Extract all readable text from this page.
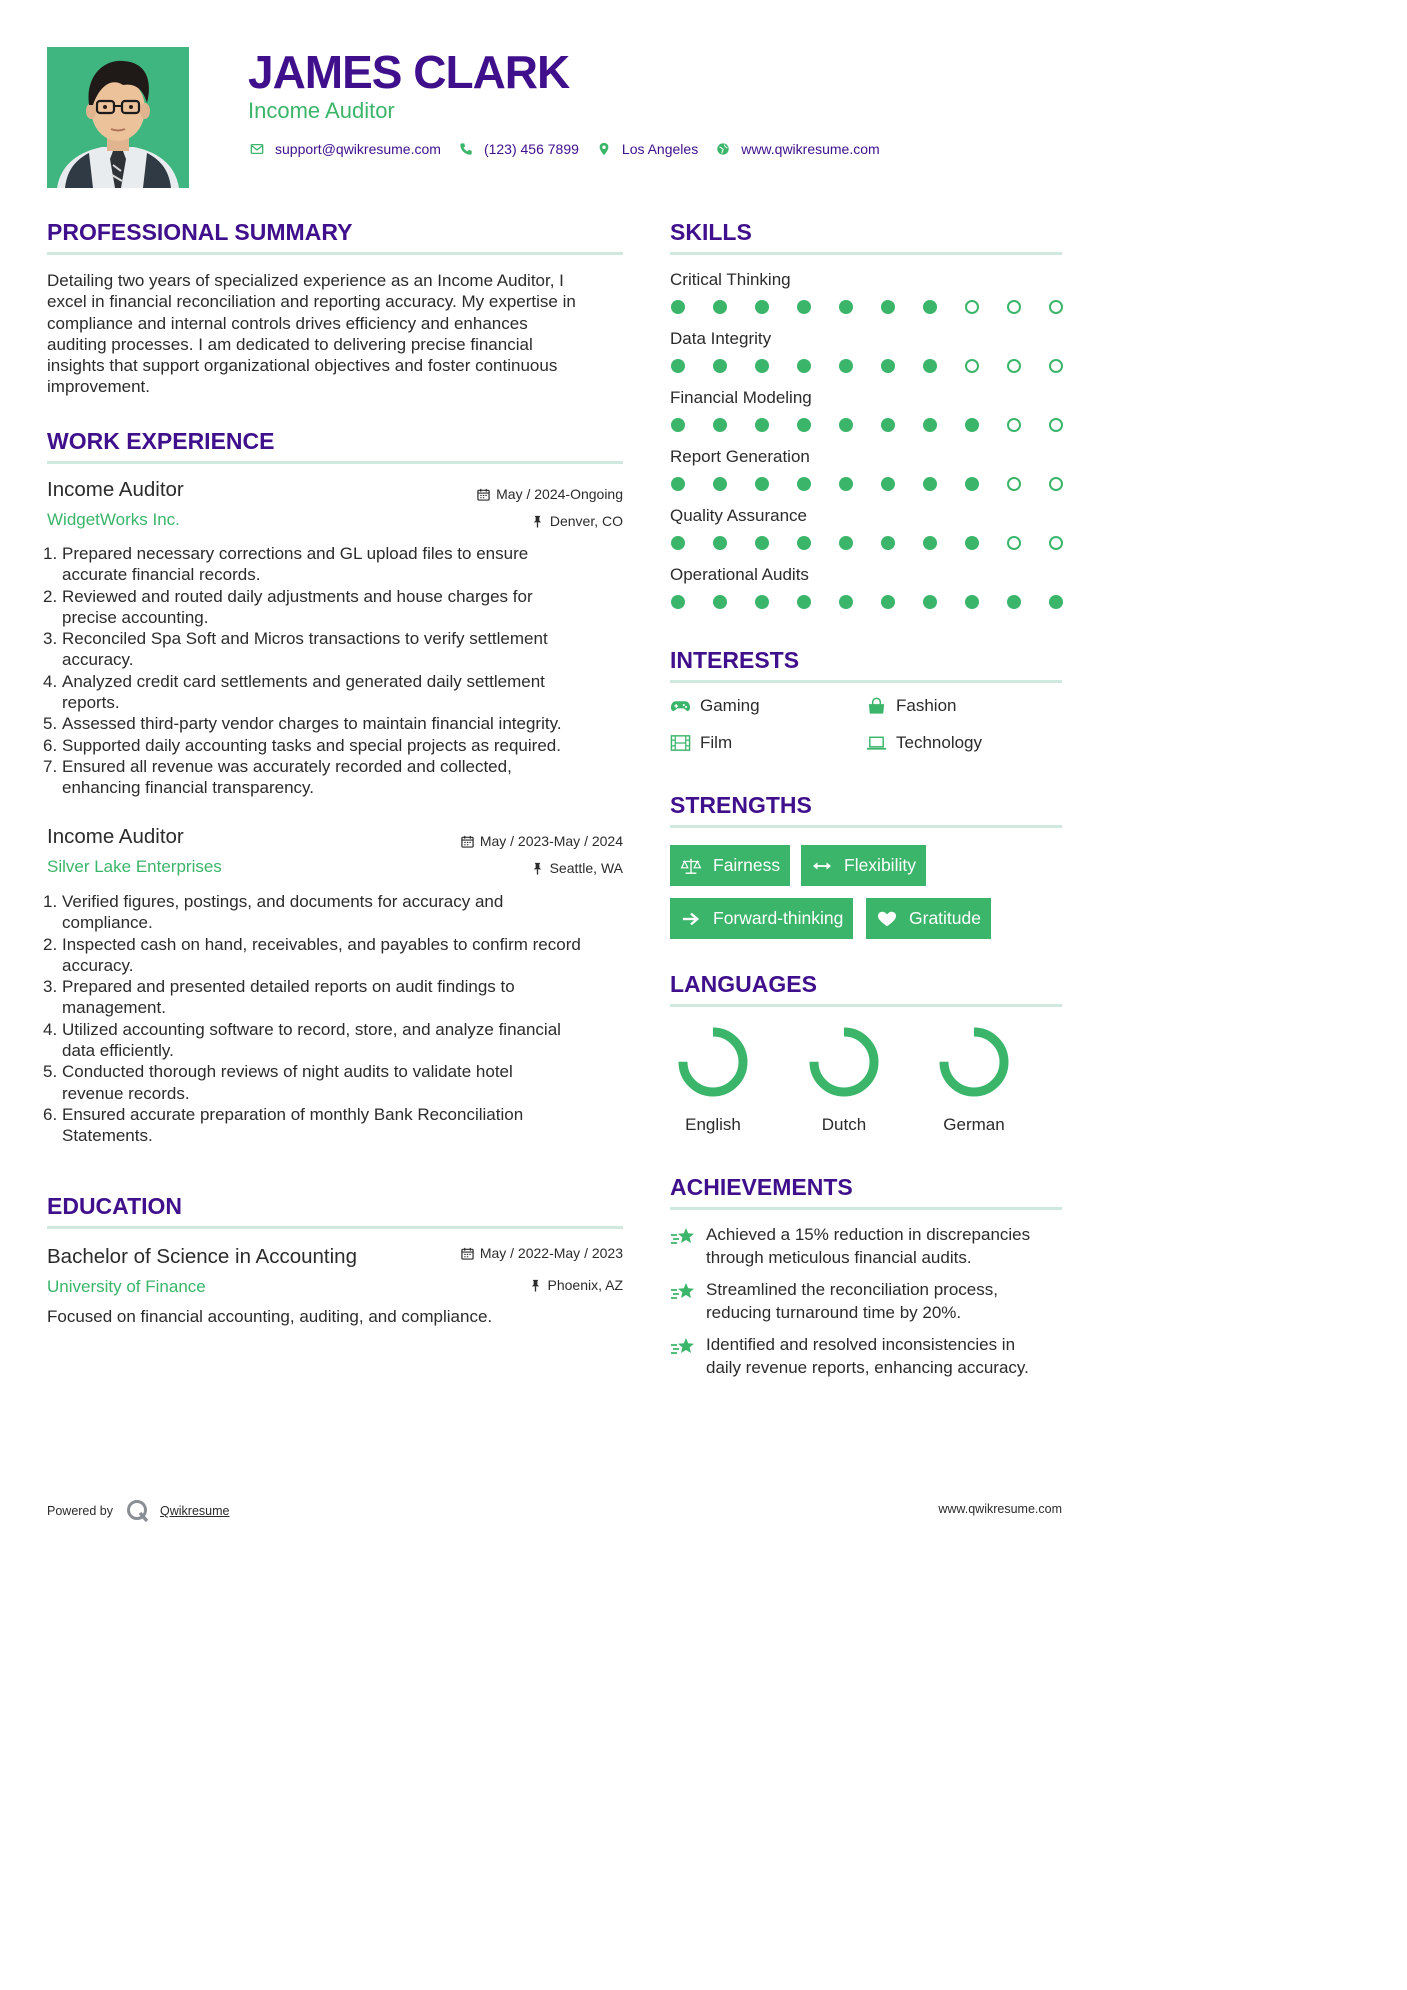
JAMES CLARK
Income Auditor
support@qwikresume.com	(123) 456 7899	Los Angeles	www.qwikresume.com
PROFESSIONAL SUMMARY
Detailing two years of specialized experience as an Income Auditor, I
excel in financial reconciliation and reporting accuracy. My expertise in
compliance and internal controls drives efficiency and enhances
auditing processes. I am dedicated to delivering precise financial
insights that support organizational objectives and foster continuous
improvement.
WORK EXPERIENCE
Income Auditor	May / 2024-Ongoing
WidgetWorks Inc.	Denver, CO
1. Prepared necessary corrections and GL upload files to ensure
accurate financial records.
2. Reviewed and routed daily adjustments and house charges for
precise accounting.
3. Reconciled Spa Soft and Micros transactions to verify settlement
accuracy.
4. Analyzed credit card settlements and generated daily settlement
reports.
5. Assessed third-party vendor charges to maintain financial integrity.
6. Supported daily accounting tasks and special projects as required.
7. Ensured all revenue was accurately recorded and collected,
enhancing financial transparency.
Income Auditor	May / 2023-May / 2024
Silver Lake Enterprises	Seattle, WA
1. Verified figures, postings, and documents for accuracy and
compliance.
2. Inspected cash on hand, receivables, and payables to confirm record
accuracy.
3. Prepared and presented detailed reports on audit findings to
management.
4. Utilized accounting software to record, store, and analyze financial
data efficiently.
5. Conducted thorough reviews of night audits to validate hotel
revenue records.
6. Ensured accurate preparation of monthly Bank Reconciliation
Statements.
EDUCATION
Bachelor of Science in Accounting	May / 2022-May / 2023
University of Finance	Phoenix, AZ
Focused on financial accounting, auditing, and compliance.
SKILLS
Critical Thinking
Data Integrity
Financial Modeling
Report Generation
Quality Assurance
Operational Audits
INTERESTS
Gaming	Fashion
Film	Technology
STRENGTHS
Fairness	Flexibility
Forward-thinking	Gratitude
LANGUAGES
English	Dutch	German
ACHIEVEMENTS
Achieved a 15% reduction in discrepancies
through meticulous financial audits.
Streamlined the reconciliation process,
reducing turnaround time by 20%.
Identified and resolved inconsistencies in
daily revenue reports, enhancing accuracy.
Powered by	Qwikresume	www.qwikresume.com
